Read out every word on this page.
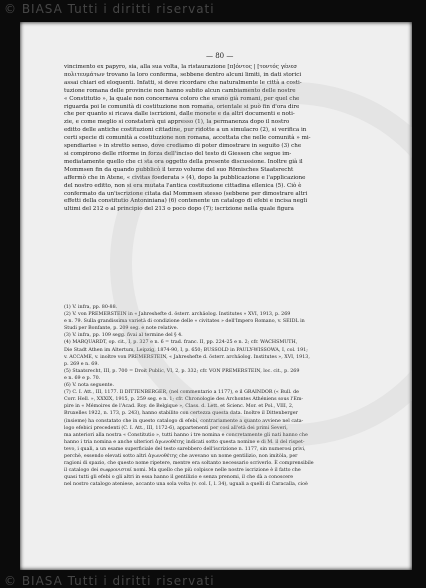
— 80 —

vincimento ex papyro, sia, alla sua volta, la ristaurazione [π]όντος | [τοντός γένεσ

πολιτευμάτων trovano la loro conferma, sebbene dentro alcuni limiti, in dati storici

assai chiari ed eloquenti. Infatti, si deve ricordare che naturalmente le città a costi-

tuzione romana delle provincie non hanno subito alcun cambiamento delle nostre

« Constitutio », la quale non concerneva coloro che erano già romani, per quel che

riguarda poi le comunità di costituzione non romana, orientale si può fin d'ora dire

che per quanto si ricava dalle iscrizioni, dalle monete e da altri documenti e noti-

zie, e come meglio si constaterà qui appresso (1), la permanenza dopo il nostro

editto delle antiche costituzioni cittadine, pur ridotte a un simulacro (2), si verifica in

certi specie di comunità a costituzione non romana, accettata che nelle comunità » mi-

spendiarise » in stretto senso, dove crediamo di poter dimostrare in seguito (3) che

si compirono delle riforme in forza dell'inciso del testo di Giessen che segue im-

mediatamente quello che ci sta ora oggetto della presente discussione. Inoltre già il

Mommsen fin da quando pubblicò il terzo volume del suo Römisches Staatsrecht

affermò che in Atene, « civitas foederata » (4), dopo la pubblicazione e l'applicazione

del nostro editto, non si era mutata l'antica costituzione cittadina ellenica (5). Ciò è

confermato da un'iscrizione citata dal Mommsen stesso (sebbene per dimostrare altri

effetti della constitutio Antoniniana) (6) contenente un catalogo di efebi e incisa negli

ultimi del 212 o al principio del 213 o poco dopo (7); iscrizione nella quale figura

(1) V. infra, pp. 80-88.

(2) V. von PREMERSTEIN in « Jahreshefte d. österr. archäolog. Institutes » XVI, 1913, p. 269

e n. 79. Sulla grandissima varietà di condizione delle « civitates » dell'Impero Romano, v. SEIDL in

Studi per Bonfante, p. 209 seg. e note relative.

(3) V. infra, pp. 109 segg. ñvai al termine del § 4.

(4) MARQUARDT, op. cit., I, p. 327 e n. 6 = trad. franc. II, pp. 224-25 e n. 2; cfr. WACHSMUTH,

Die Stadt Athen im Altertum, Leipzig, 1874-90, I, p. 650; BUSSOLD in PAULY-WISSOWA, I, col. 191;

v. ACCAME, v. inoltre von PREMERSTEIN, « Jahreshefte d. österr. archäolog. Institutes », XVI, 1913,

p. 269 e n. 69.

(5) Staatsrecht, III, p. 700 = Droit Public, VI, 2, p. 332; cfr. VON PREMERSTEIN, loc. cit., p. 269

e n. 69 e p. 70.

(6) V. nota seguente.

(7) C. I. Att., III, 1177. Il DITTENBERGER, (nel commentario a 1177), e il GRAINDOR (« Bull. de

Corr. Hell. », XXXIX, 1915, p. 259 seg. e n. 1; cfr. Chronologie des Archontes Athéniens sous l'Em-

pire in « Mémoires de l'Acad. Roy. de Belgique », Class. d. Lett. et Scienc. Mor. et Pol., VIII, 2,

Bruxelles 1922, n. 173, p. 243), hanno stabilito con certezza questa data. Inoltre il Dittenberger

(insieme) ha constatato che in questo catalogo di efebi, contrariamente a quanto avviene nel cata-

logo efebici precedenti (C. I. Att., III, 1172-6), appartenenti per così all'età dei primi Severi,

ma anteriori alla nostra « Constitutio », tutti hanno i tre nomina e concretamente gli nati hanno che

hanno i tria nomina e anche ulteriori ἀγωνοθέτης indicati sotto questa nomine e di M. il del rispet-

tevo, i quali, a un esame superficiale del testo sarebbero dell'iscrizione n. 1177, sin numerosi privi,

perchè, essendo elevati sotto altri ἀγωνοθέτης che avevano un nome gentilizio, non imitòla, per

ragioni di spazio, che questo nome ripetere, mentre era soltanto necessario scriverlo. È comprensibile

il catalogo dei σωφρονισταί nomi. Ma quello che più colpisce nelle nostre iscrizione è il fatto che

quasi tutti gli efebi o gli altri in essa hanno il gentilizio e senza prenomi, il che dà a conoscere

nel nostro catalogo ateniese, accanto una sola volta (v. col. I, l. 34), uguali a quelli di Caracalla, cioè

© BIASA Tutti i diritti riservati
© BIASA Tutti i diritti riservati
